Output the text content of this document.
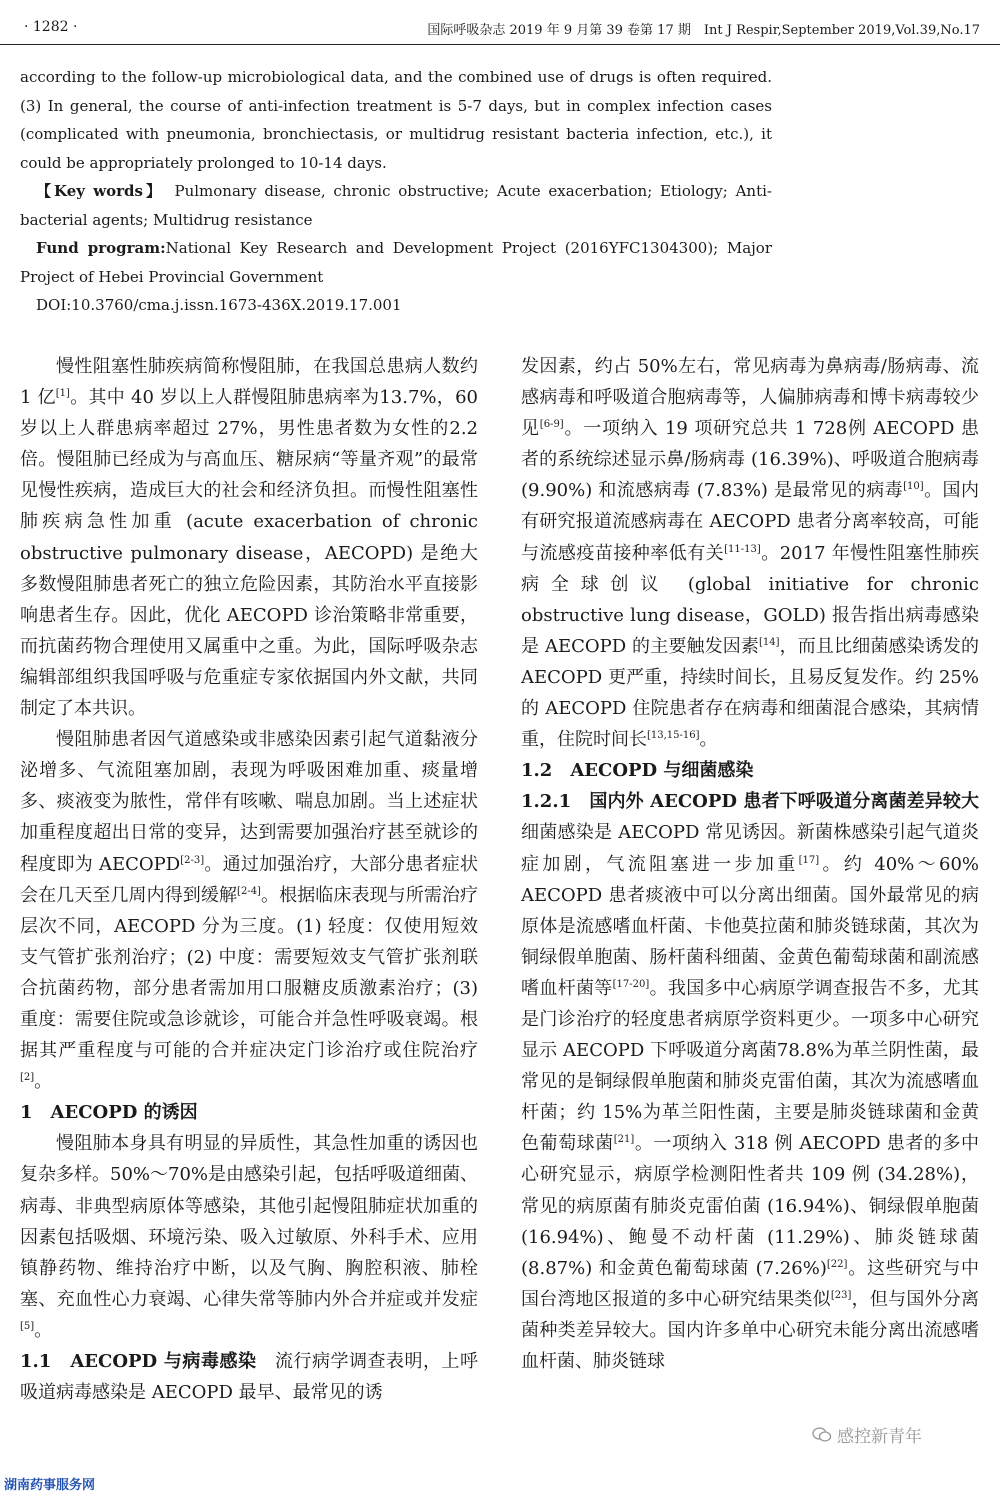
· 1282 ·	国际呼吸杂志 2019 年 9 月第 39 卷第 17 期　Int J Respir,September 2019,Vol.39,No.17

according to the follow-up microbiological data, and the combined use of drugs is often required. (3) In general, the course of anti-infection treatment is 5-7 days, but in complex infection cases (complicated with pneumonia, bronchiectasis, or multidrug resistant bacteria infection, etc.), it could be appropriately prolonged to 10-14 days.

【Key words】　 Pulmonary disease, chronic obstructive; Acute exacerbation; Etiology; Anti-bacterial agents; Multidrug resistance

Fund program:National Key Research and Development Project (2016YFC1304300); Major Project of Hebei Provincial Government

DOI:10.3760/cma.j.issn.1673-436X.2019.17.001

慢性阻塞性肺疾病简称慢阻肺，在我国总患病人数约 1 亿[1]。其中 40 岁以上人群慢阻肺患病率为13.7%，60 岁以上人群患病率超过 27%，男性患者数为女性的2.2倍。慢阻肺已经成为与高血压、糖尿病“等量齐观”的最常见慢性疾病，造成巨大的社会和经济负担。而慢性阻塞性肺疾病急性加重 (acute exacerbation of chronic obstructive pulmonary disease，AECOPD) 是绝大多数慢阻肺患者死亡的独立危险因素，其防治水平直接影响患者生存。因此，优化 AECOPD 诊治策略非常重要，而抗菌药物合理使用又属重中之重。为此，国际呼吸杂志编辑部组织我国呼吸与危重症专家依据国内外文献，共同制定了本共识。

慢阻肺患者因气道感染或非感染因素引起气道黏液分泌增多、气流阻塞加剧，表现为呼吸困难加重、痰量增多、痰液变为脓性，常伴有咳嗽、喘息加剧。当上述症状加重程度超出日常的变异，达到需要加强治疗甚至就诊的程度即为 AECOPD[2-3]。通过加强治疗，大部分患者症状会在几天至几周内得到缓解[2-4]。根据临床表现与所需治疗层次不同，AECOPD 分为三度。(1) 轻度：仅使用短效支气管扩张剂治疗；(2) 中度：需要短效支气管扩张剂联合抗菌药物，部分患者需加用口服糖皮质激素治疗；(3) 重度：需要住院或急诊就诊，可能合并急性呼吸衰竭。根据其严重程度与可能的合并症决定门诊治疗或住院治疗[2]。

1　AECOPD 的诱因

慢阻肺本身具有明显的异质性，其急性加重的诱因也复杂多样。50%～70%是由感染引起，包括呼吸道细菌、病毒、非典型病原体等感染，其他引起慢阻肺症状加重的因素包括吸烟、环境污染、吸入过敏原、外科手术、应用镇静药物、维持治疗中断，以及气胸、胸腔积液、肺栓塞、充血性心力衰竭、心律失常等肺内外合并症或并发症[5]。

1.1　AECOPD 与病毒感染　 流行病学调查表明，上呼吸道病毒感染是 AECOPD 最早、最常见的诱

发因素，约占 50%左右，常见病毒为鼻病毒/肠病毒、流感病毒和呼吸道合胞病毒等，人偏肺病毒和博卡病毒较少见[6-9]。一项纳入 19 项研究总共 1 728例 AECOPD 患者的系统综述显示鼻/肠病毒 (16.39%)、呼吸道合胞病毒 (9.90%) 和流感病毒 (7.83%) 是最常见的病毒[10]。国内有研究报道流感病毒在 AECOPD 患者分离率较高，可能与流感疫苗接种率低有关[11-13]。2017 年慢性阻塞性肺疾病全球创议 (global initiative for chronic obstructive lung disease，GOLD) 报告指出病毒感染是 AECOPD 的主要触发因素[14]，而且比细菌感染诱发的 AECOPD 更严重，持续时间长，且易反复发作。约 25%的 AECOPD 住院患者存在病毒和细菌混合感染，其病情重，住院时间长[13,15-16]。

1.2　AECOPD 与细菌感染

1.2.1　国内外 AECOPD 患者下呼吸道分离菌差异较大　细菌感染是 AECOPD 常见诱因。新菌株感染引起气道炎症加剧，气流阻塞进一步加重[17]。约 40%～60% AECOPD 患者痰液中可以分离出细菌。国外最常见的病原体是流感嗜血杆菌、卡他莫拉菌和肺炎链球菌，其次为铜绿假单胞菌、肠杆菌科细菌、金黄色葡萄球菌和副流感嗜血杆菌等[17-20]。我国多中心病原学调查报告不多，尤其是门诊治疗的轻度患者病原学资料更少。一项多中心研究显示 AECOPD 下呼吸道分离菌78.8%为革兰阴性菌，最常见的是铜绿假单胞菌和肺炎克雷伯菌，其次为流感嗜血杆菌；约 15%为革兰阳性菌，主要是肺炎链球菌和金黄色葡萄球菌[21]。一项纳入 318 例 AECOPD 患者的多中心研究显示，病原学检测阳性者共 109 例 (34.28%)，常见的病原菌有肺炎克雷伯菌 (16.94%)、铜绿假单胞菌 (16.94%)、鲍曼不动杆菌 (11.29%)、肺炎链球菌 (8.87%) 和金黄色葡萄球菌 (7.26%)[22]。这些研究与中国台湾地区报道的多中心研究结果类似[23]，但与国外分离菌种类差异较大。国内许多单中心研究未能分离出流感嗜血杆菌、肺炎链球

感控新青年
湖南药事服务网
